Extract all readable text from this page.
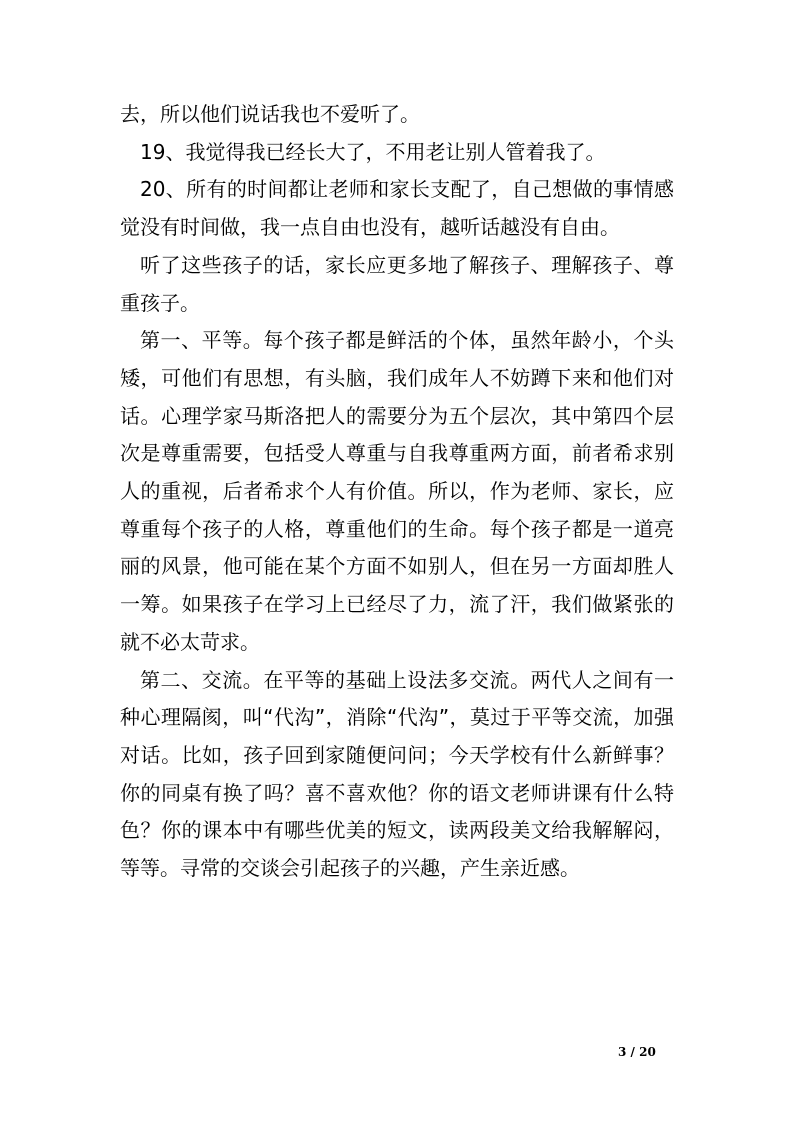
去，所以他们说话我也不爱听了。

19、我觉得我已经长大了，不用老让别人管着我了。

20、所有的时间都让老师和家长支配了，自己想做的事情感觉没有时间做，我一点自由也没有，越听话越没有自由。

听了这些孩子的话，家长应更多地了解孩子、理解孩子、尊重孩子。

第一、平等。每个孩子都是鲜活的个体，虽然年龄小，个头矮，可他们有思想，有头脑，我们成年人不妨蹲下来和他们对话。心理学家马斯洛把人的需要分为五个层次，其中第四个层次是尊重需要，包括受人尊重与自我尊重两方面，前者希求别人的重视，后者希求个人有价值。所以，作为老师、家长，应尊重每个孩子的人格，尊重他们的生命。每个孩子都是一道亮丽的风景，他可能在某个方面不如别人，但在另一方面却胜人一筹。如果孩子在学习上已经尽了力，流了汗，我们做紧张的就不必太苛求。

第二、交流。在平等的基础上设法多交流。两代人之间有一种心理隔阂，叫“代沟”，消除“代沟”，莫过于平等交流，加强对话。比如，孩子回到家随便问问；今天学校有什么新鲜事？你的同桌有换了吗？喜不喜欢他？你的语文老师讲课有什么特色？你的课本中有哪些优美的短文，读两段美文给我解解闷，等等。寻常的交谈会引起孩子的兴趣，产生亲近感。

3 / 20
